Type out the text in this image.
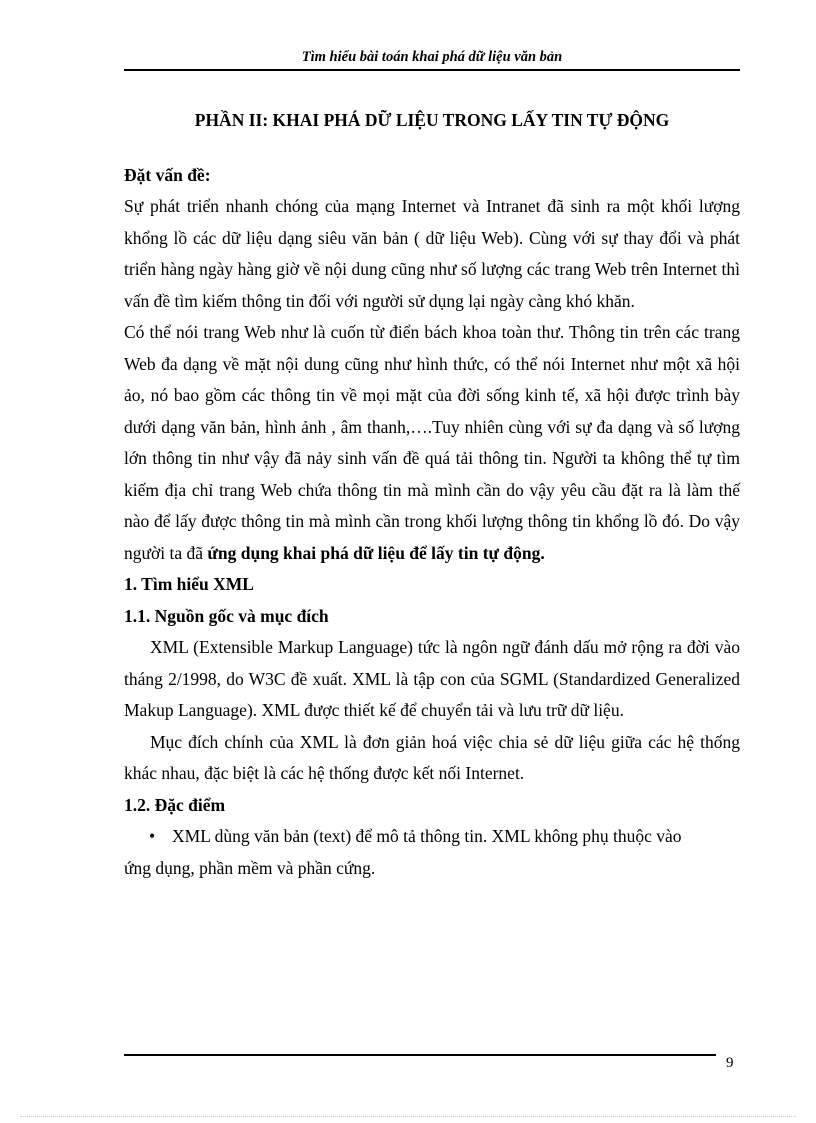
Tìm hiểu bài toán khai phá dữ liệu văn bản

PHẦN II: KHAI PHÁ DỮ LIỆU TRONG LẤY TIN TỰ ĐỘNG

Đặt vấn đề:

Sự phát triển nhanh chóng của mạng Internet và Intranet đã sinh ra một khối lượng khổng lồ các dữ liệu dạng siêu văn bản ( dữ liệu Web). Cùng với sự thay đổi và phát triển hàng ngày hàng giờ về nội dung cũng như số lượng các trang Web trên Internet thì vấn đề tìm kiếm thông tin đối với người sử dụng lại ngày càng khó khăn.

Có thể nói trang Web như là cuốn từ điển bách khoa toàn thư. Thông tin trên các trang Web đa dạng về mặt nội dung cũng như hình thức, có thể nói Internet như một xã hội ảo, nó bao gồm các thông tin về mọi mặt của đời sống kinh tế, xã hội được trình bày dưới dạng văn bản, hình ảnh , âm thanh,….Tuy nhiên cùng với sự đa dạng và số lượng lớn thông tin như vậy đã nảy sinh vấn đề quá tải thông tin. Người ta không thể tự tìm kiếm địa chỉ trang Web chứa thông tin mà mình cần do vậy yêu cầu đặt ra là làm thế nào để lấy được thông tin mà mình cần trong khối lượng thông tin khổng lồ đó. Do vậy người ta đã ứng dụng khai phá dữ liệu để lấy tin tự động.

1. Tìm hiểu XML

1.1. Nguồn gốc và mục đích

XML (Extensible Markup Language) tức là ngôn ngữ đánh dấu mở rộng ra đời vào tháng 2/1998, do W3C đề xuất. XML là tập con của SGML (Standardized Generalized Makup Language). XML được thiết kế để chuyển tải và lưu trữ dữ liệu.

Mục đích chính của XML là đơn giản hoá việc chia sẻ dữ liệu giữa các hệ thống khác nhau, đặc biệt là các hệ thống được kết nối Internet.

1.2. Đặc điểm

• XML dùng văn bản (text) để mô tả thông tin. XML không phụ thuộc vào

ứng dụng, phần mềm và phần cứng.

9
